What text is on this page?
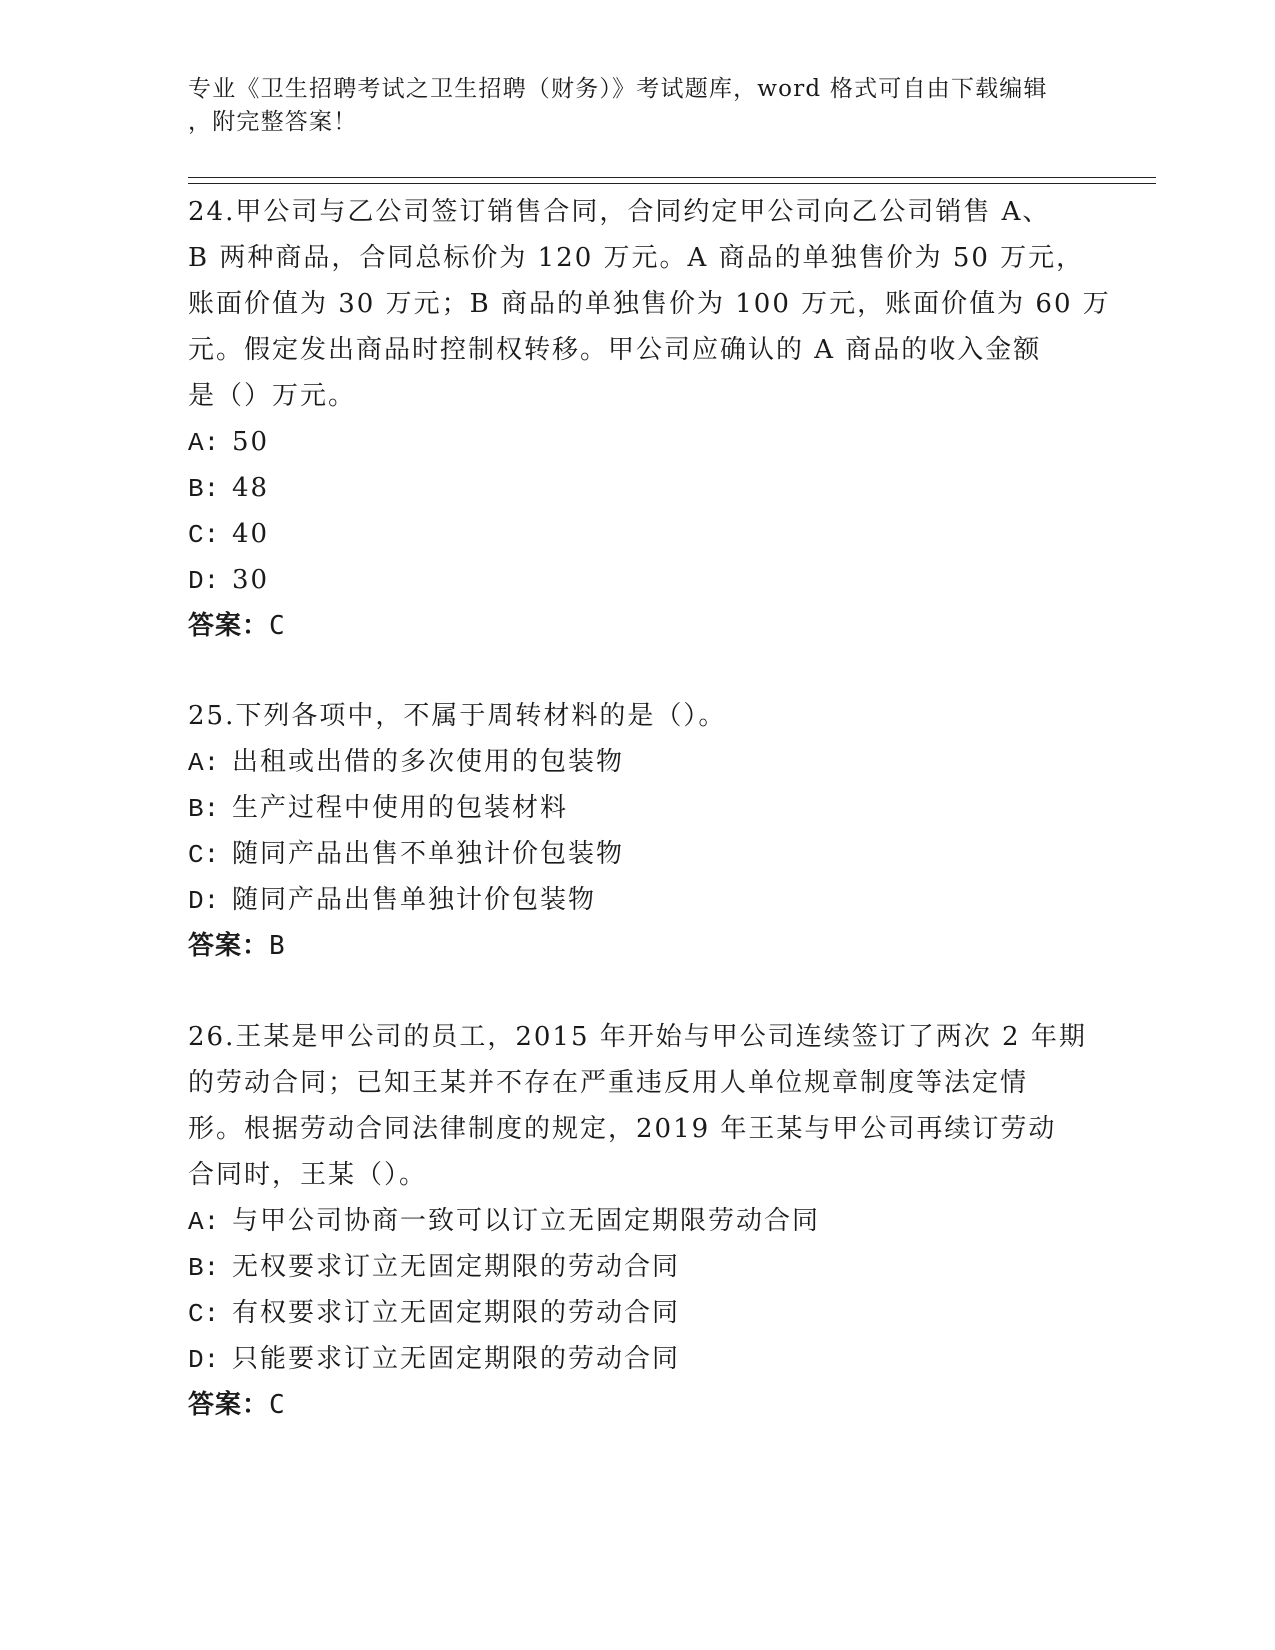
专业《卫生招聘考试之卫生招聘（财务）》考试题库，word 格式可自由下载编辑

，附完整答案！

24.甲公司与乙公司签订销售合同，合同约定甲公司向乙公司销售 A、
B 两种商品，合同总标价为 120 万元。A 商品的单独售价为 50 万元，
账面价值为 30 万元；B 商品的单独售价为 100 万元，账面价值为 60 万
元。假定发出商品时控制权转移。甲公司应确认的 A 商品的收入金额
是（）万元。
A: 50
B: 48
C: 40
D: 30
答案：C
25.下列各项中，不属于周转材料的是（）。
A: 出租或出借的多次使用的包装物
B: 生产过程中使用的包装材料
C: 随同产品出售不单独计价包装物
D: 随同产品出售单独计价包装物
答案：B
26.王某是甲公司的员工，2015 年开始与甲公司连续签订了两次 2 年期
的劳动合同；已知王某并不存在严重违反用人单位规章制度等法定情
形。根据劳动合同法律制度的规定，2019 年王某与甲公司再续订劳动
合同时，王某（）。
A: 与甲公司协商一致可以订立无固定期限劳动合同
B: 无权要求订立无固定期限的劳动合同
C: 有权要求订立无固定期限的劳动合同
D: 只能要求订立无固定期限的劳动合同
答案：C
